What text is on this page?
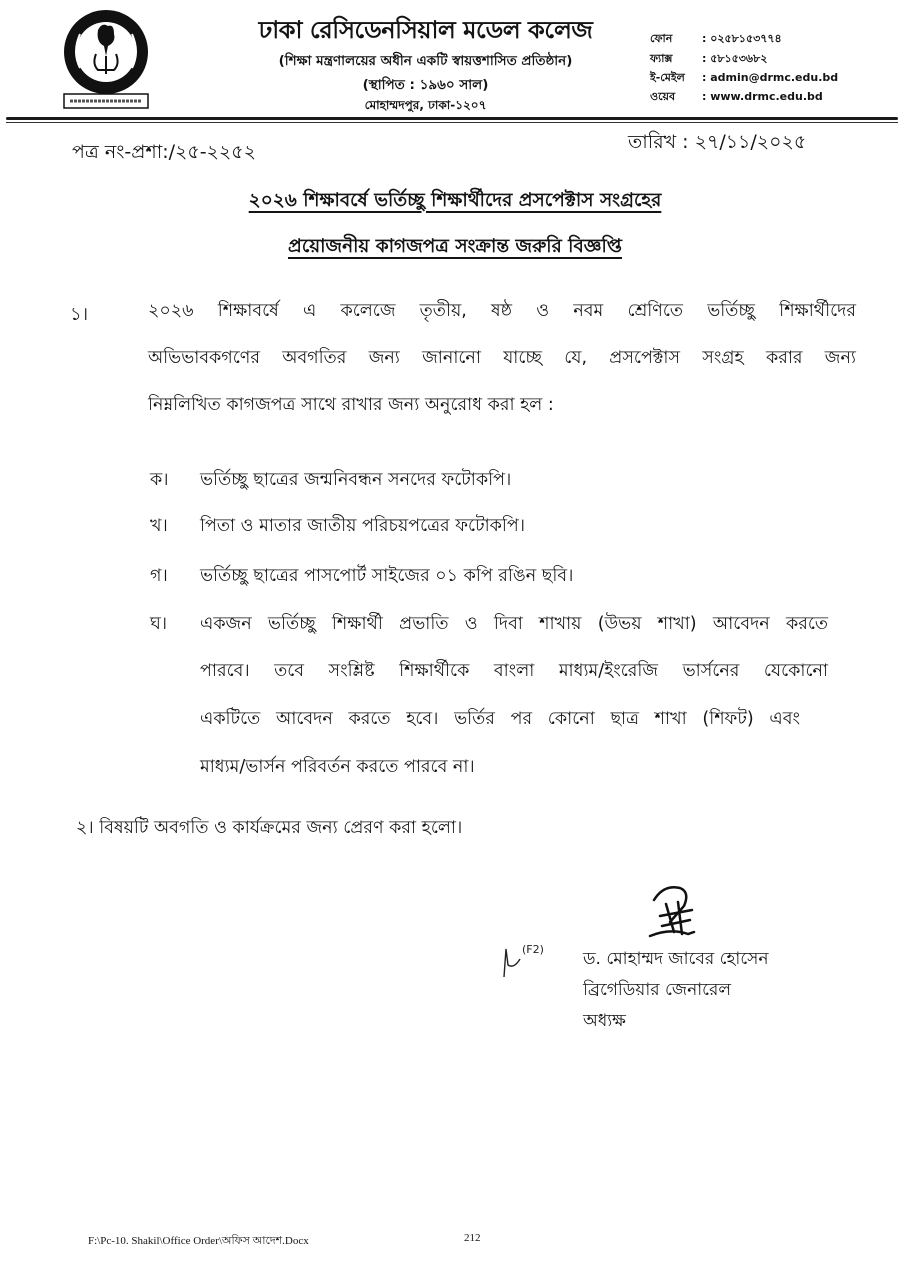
ঢাকা রেসিডেনসিয়াল মডেল কলেজ
(শিক্ষা মন্ত্রণালয়ের অধীন একটি স্বায়ত্তশাসিত প্রতিষ্ঠান)
(স্থাপিত : ১৯৬০ সাল)
মোহাম্মদপুর, ঢাকা-১২০৭
ফোন	: ০২৫৮১৫৩৭৭৪
ফ্যাক্স	: ৫৮১৫৩৬৮২
ই-মেইল : admin@drmc.edu.bd
ওয়েব : www.drmc.edu.bd
পত্র নং-প্রশা:/২৫-২২৫২	তারিখ : ২৭/১১/২০২৫
২০২৬ শিক্ষাবর্ষে ভর্তিচ্ছু শিক্ষার্থীদের প্রসপেক্টাস সংগ্রহের
প্রয়োজনীয় কাগজপত্র সংক্রান্ত জরুরি বিজ্ঞপ্তি
১।	২০২৬ শিক্ষাবর্ষে এ কলেজে তৃতীয়, ষষ্ঠ ও নবম শ্রেণিতে ভর্তিচ্ছু শিক্ষার্থীদের
অভিভাবকগণের অবগতির জন্য জানানো যাচ্ছে যে, প্রসপেক্টাস সংগ্রহ করার জন্য
নিম্নলিখিত কাগজপত্র সাথে রাখার জন্য অনুরোধ করা হল :
ক। ভর্তিচ্ছু ছাত্রের জন্মনিবন্ধন সনদের ফটোকপি।
খ। পিতা ও মাতার জাতীয় পরিচয়পত্রের ফটোকপি।
গ। ভর্তিচ্ছু ছাত্রের পাসপোর্ট সাইজের ০১ কপি রঙিন ছবি।
ঘ। একজন ভর্তিচ্ছু শিক্ষার্থী প্রভাতি ও দিবা শাখায় (উভয় শাখা) আবেদন করতে
পারবে। তবে সংশ্লিষ্ট শিক্ষার্থীকে বাংলা মাধ্যম/ইংরেজি ভার্সনের যেকোনো
একটিতে আবেদন করতে হবে। ভর্তির পর কোনো ছাত্র শাখা (শিফট) এবং
মাধ্যম/ভার্সন পরিবর্তন করতে পারবে না।
২। বিষয়টি অবগতি ও কার্যক্রমের জন্য প্রেরণ করা হলো।
(F2) ড. মোহাম্মদ জাবের হোসেন
ব্রিগেডিয়ার জেনারেল
অধ্যক্ষ
F:\Pc-10. Shakil\Office Order\অফিস আদেশ.Docx	212
